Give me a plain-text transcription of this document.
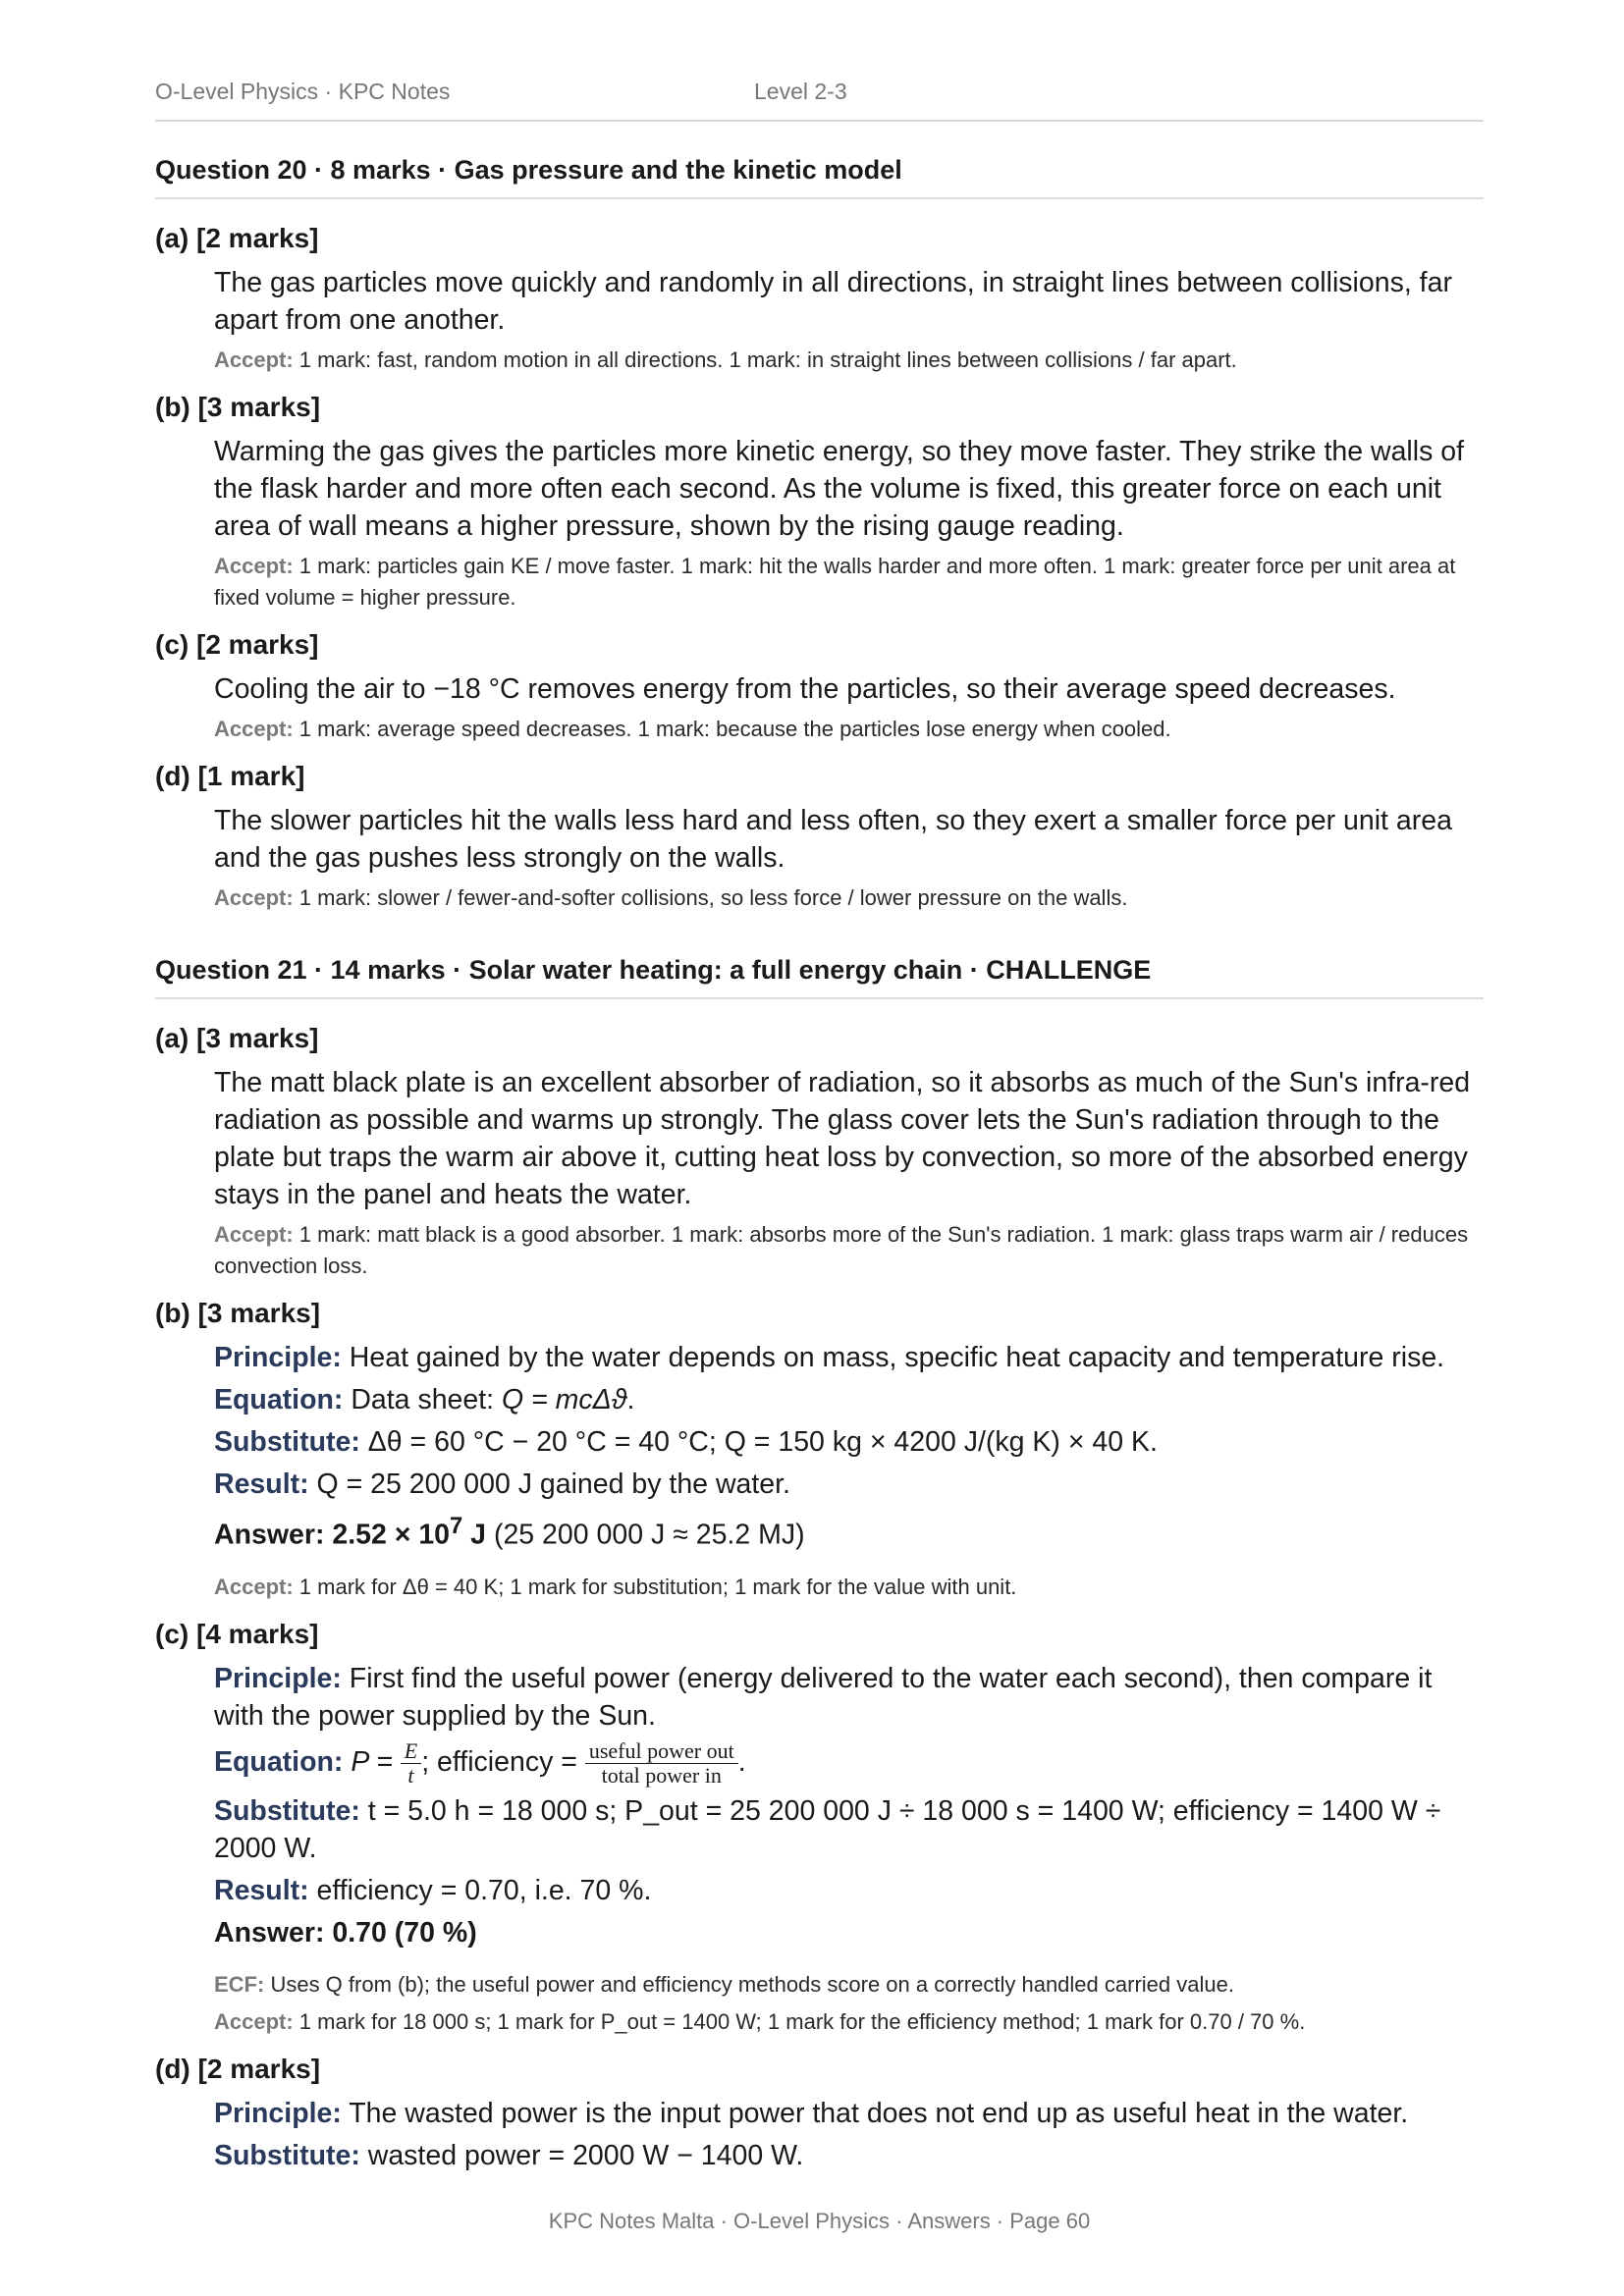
O-Level Physics · KPC Notes	Level 2-3
Question 20 · 8 marks · Gas pressure and the kinetic model
(a) [2 marks]

The gas particles move quickly and randomly in all directions, in straight lines between collisions, far apart from one another.

Accept: 1 mark: fast, random motion in all directions. 1 mark: in straight lines between collisions / far apart.

(b) [3 marks]

Warming the gas gives the particles more kinetic energy, so they move faster. They strike the walls of the flask harder and more often each second. As the volume is fixed, this greater force on each unit area of wall means a higher pressure, shown by the rising gauge reading.

Accept: 1 mark: particles gain KE / move faster. 1 mark: hit the walls harder and more often. 1 mark: greater force per unit area at fixed volume = higher pressure.

(c) [2 marks]

Cooling the air to −18 °C removes energy from the particles, so their average speed decreases.

Accept: 1 mark: average speed decreases. 1 mark: because the particles lose energy when cooled.

(d) [1 mark]

The slower particles hit the walls less hard and less often, so they exert a smaller force per unit area and the gas pushes less strongly on the walls.

Accept: 1 mark: slower / fewer-and-softer collisions, so less force / lower pressure on the walls.

Question 21 · 14 marks · Solar water heating: a full energy chain · CHALLENGE
(a) [3 marks]

The matt black plate is an excellent absorber of radiation, so it absorbs as much of the Sun's infra-red radiation as possible and warms up strongly. The glass cover lets the Sun's radiation through to the plate but traps the warm air above it, cutting heat loss by convection, so more of the absorbed energy stays in the panel and heats the water.

Accept: 1 mark: matt black is a good absorber. 1 mark: absorbs more of the Sun's radiation. 1 mark: glass traps warm air / reduces convection loss.

(b) [3 marks]

Principle: Heat gained by the water depends on mass, specific heat capacity and temperature rise.

Equation: Data sheet: Q = mcΔϑ.

Substitute: Δθ = 60 °C − 20 °C = 40 °C; Q = 150 kg × 4200 J/(kg K) × 40 K.

Result: Q = 25 200 000 J gained by the water.

Answer: $2.52 \times 10^7$ J (25 200 000 J ≈ 25.2 MJ)

Accept: 1 mark for Δθ = 40 K; 1 mark for substitution; 1 mark for the value with unit.

(c) [4 marks]

Principle: First find the useful power (energy delivered to the water each second), then compare it with the power supplied by the Sun.

Equation: $P = \frac{E}{t}$ ; efficiency = $\frac{\text{useful power out}}{\text{total power in}}$ .

Substitute: t = 5.0 h = 18 000 s; P_out = 25 200 000 J ÷ 18 000 s = 1400 W; efficiency = 1400 W ÷ 2000 W.

Result: efficiency = 0.70, i.e. 70 %.

Answer: 0.70 (70 %)

ECF: Uses Q from (b); the useful power and efficiency methods score on a correctly handled carried value.

Accept: 1 mark for 18 000 s; 1 mark for P_out = 1400 W; 1 mark for the efficiency method; 1 mark for 0.70 / 70 %.

(d) [2 marks]

Principle: The wasted power is the input power that does not end up as useful heat in the water.

Substitute: wasted power = 2000 W − 1400 W.

KPC Notes Malta · O-Level Physics · Answers · Page 60
